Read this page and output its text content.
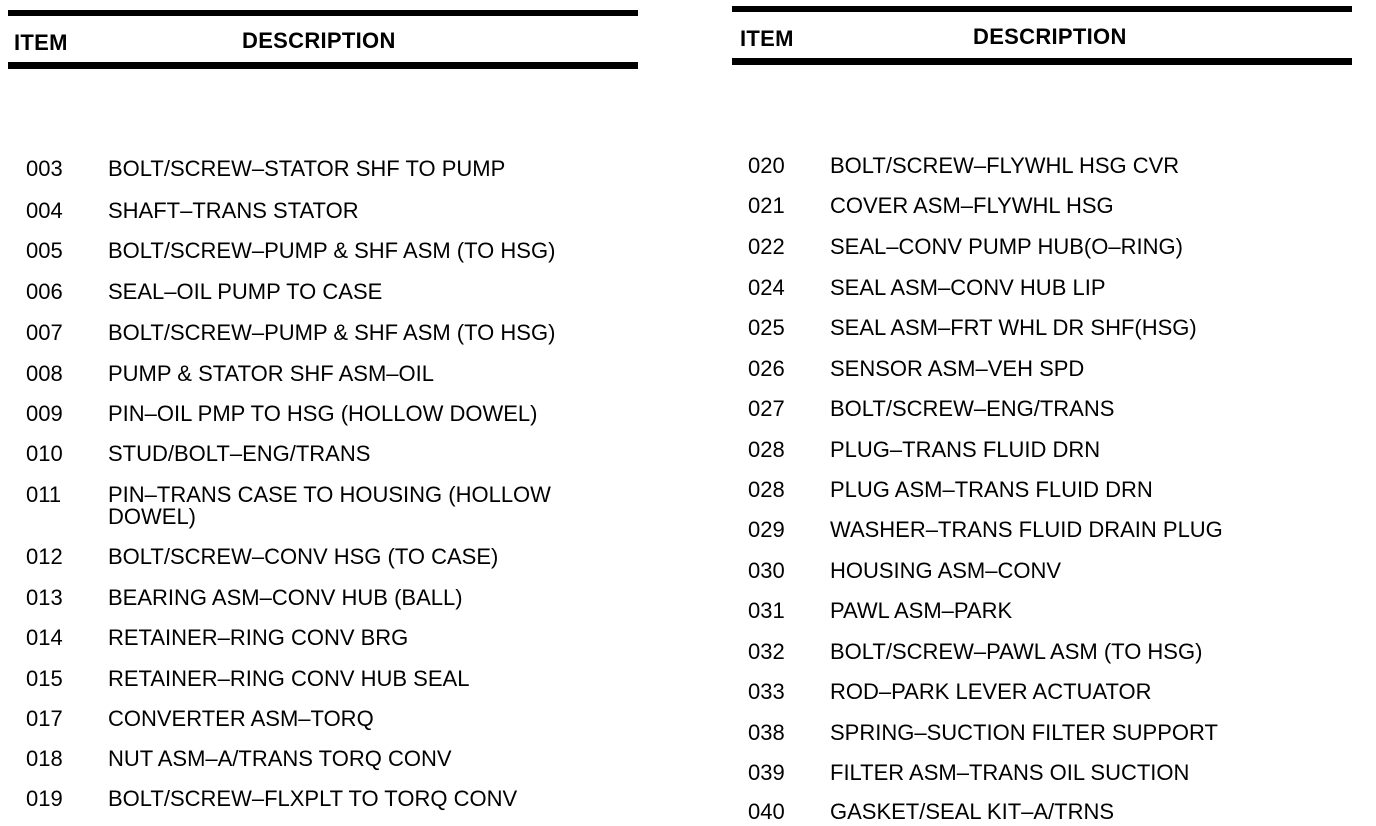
ITEM	DESCRIPTION
003	BOLT/SCREW–STATOR SHF TO PUMP
004	SHAFT–TRANS STATOR
005	BOLT/SCREW–PUMP & SHF ASM (TO HSG)
006	SEAL–OIL PUMP TO CASE
007	BOLT/SCREW–PUMP & SHF ASM (TO HSG)
008	PUMP & STATOR SHF ASM–OIL
009	PIN–OIL PMP TO HSG (HOLLOW DOWEL)
010	STUD/BOLT–ENG/TRANS
011	PIN–TRANS CASE TO HOUSING (HOLLOW DOWEL)
012	BOLT/SCREW–CONV HSG (TO CASE)
013	BEARING ASM–CONV HUB (BALL)
014	RETAINER–RING CONV BRG
015	RETAINER–RING CONV HUB SEAL
017	CONVERTER ASM–TORQ
018	NUT ASM–A/TRANS TORQ CONV
019	BOLT/SCREW–FLXPLT TO TORQ CONV
ITEM	DESCRIPTION
020	BOLT/SCREW–FLYWHL HSG CVR
021	COVER ASM–FLYWHL HSG
022	SEAL–CONV PUMP HUB(O–RING)
024	SEAL ASM–CONV HUB LIP
025	SEAL ASM–FRT WHL DR SHF(HSG)
026	SENSOR ASM–VEH SPD
027	BOLT/SCREW–ENG/TRANS
028	PLUG–TRANS FLUID DRN
028	PLUG ASM–TRANS FLUID DRN
029	WASHER–TRANS FLUID DRAIN PLUG
030	HOUSING ASM–CONV
031	PAWL ASM–PARK
032	BOLT/SCREW–PAWL ASM (TO HSG)
033	ROD–PARK LEVER ACTUATOR
038	SPRING–SUCTION FILTER SUPPORT
039	FILTER ASM–TRANS OIL SUCTION
040	GASKET/SEAL KIT–A/TRNS
